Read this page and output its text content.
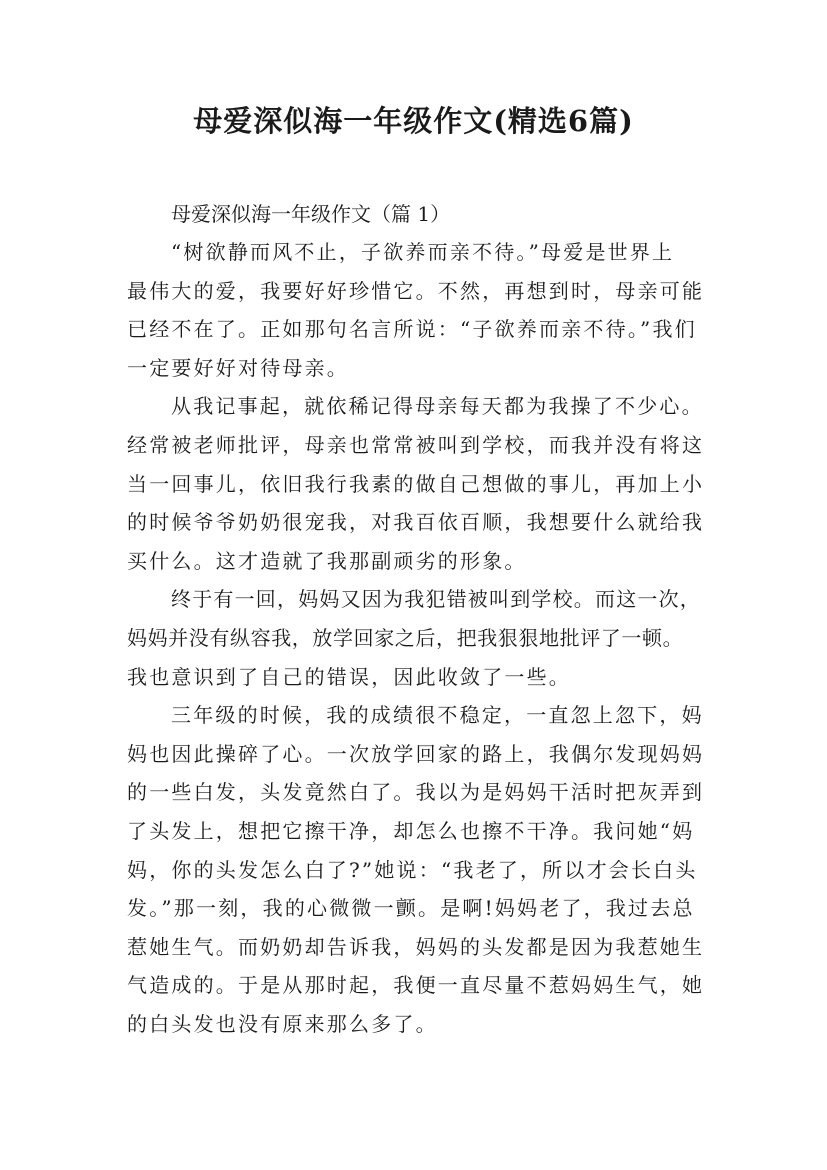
母爱深似海一年级作文(精选6篇)

母爱深似海一年级作文（篇 1）

“树欲静而风不止，子欲养而亲不待。”母爱是世界上
最伟大的爱，我要好好珍惜它。不然，再想到时，母亲可能
已经不在了。正如那句名言所说：“子欲养而亲不待。”我们
一定要好好对待母亲。
从我记事起，就依稀记得母亲每天都为我操了不少心。
经常被老师批评，母亲也常常被叫到学校，而我并没有将这
当一回事儿，依旧我行我素的做自己想做的事儿，再加上小
的时候爷爷奶奶很宠我，对我百依百顺，我想要什么就给我
买什么。这才造就了我那副顽劣的形象。
终于有一回，妈妈又因为我犯错被叫到学校。而这一次，
妈妈并没有纵容我，放学回家之后，把我狠狠地批评了一顿。
我也意识到了自己的错误，因此收敛了一些。
三年级的时候，我的成绩很不稳定，一直忽上忽下，妈
妈也因此操碎了心。一次放学回家的路上，我偶尔发现妈妈
的一些白发，头发竟然白了。我以为是妈妈干活时把灰弄到
了头发上，想把它擦干净，却怎么也擦不干净。我问她“妈
妈，你的头发怎么白了?”她说：“我老了，所以才会长白头
发。”那一刻，我的心微微一颤。是啊!妈妈老了，我过去总
惹她生气。而奶奶却告诉我，妈妈的头发都是因为我惹她生
气造成的。于是从那时起，我便一直尽量不惹妈妈生气，她
的白头发也没有原来那么多了。
